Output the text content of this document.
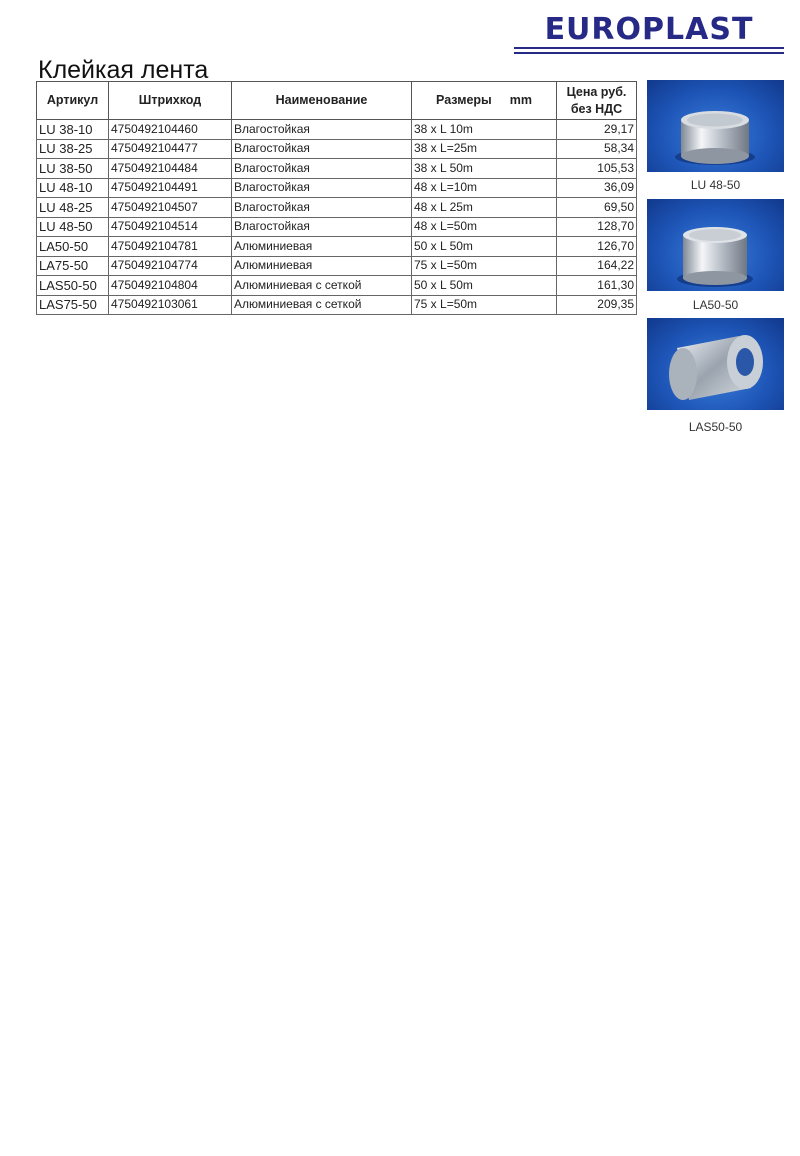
EUROPLAST
Клейкая лента
Артикул	Штрихкод	Наименование	Размеры mm	Цена руб.
без НДС

LU 38-10	4750492104460	Влагостойкая	38 x L 10m	29,17
LU 38-25	4750492104477	Влагостойкая	38 x L=25m	58,34
LU 38-50	4750492104484	Влагостойкая	38 x L 50m	105,53
LU 48-10	4750492104491	Влагостойкая	48 x L=10m	36,09
LU 48-25	4750492104507	Влагостойкая	48 x L 25m	69,50
LU 48-50	4750492104514	Влагостойкая	48 x L=50m	128,70
LA50-50	4750492104781	Алюминиевая	50 x L 50m	126,70
LA75-50	4750492104774	Алюминиевая	75 x L=50m	164,22
LAS50-50	4750492104804	Алюминиевая с сеткой	50 x L 50m	161,30
LAS75-50	4750492103061	Алюминиевая с сеткой	75 x L=50m	209,35
LU 48-50
LA50-50
LAS50-50
